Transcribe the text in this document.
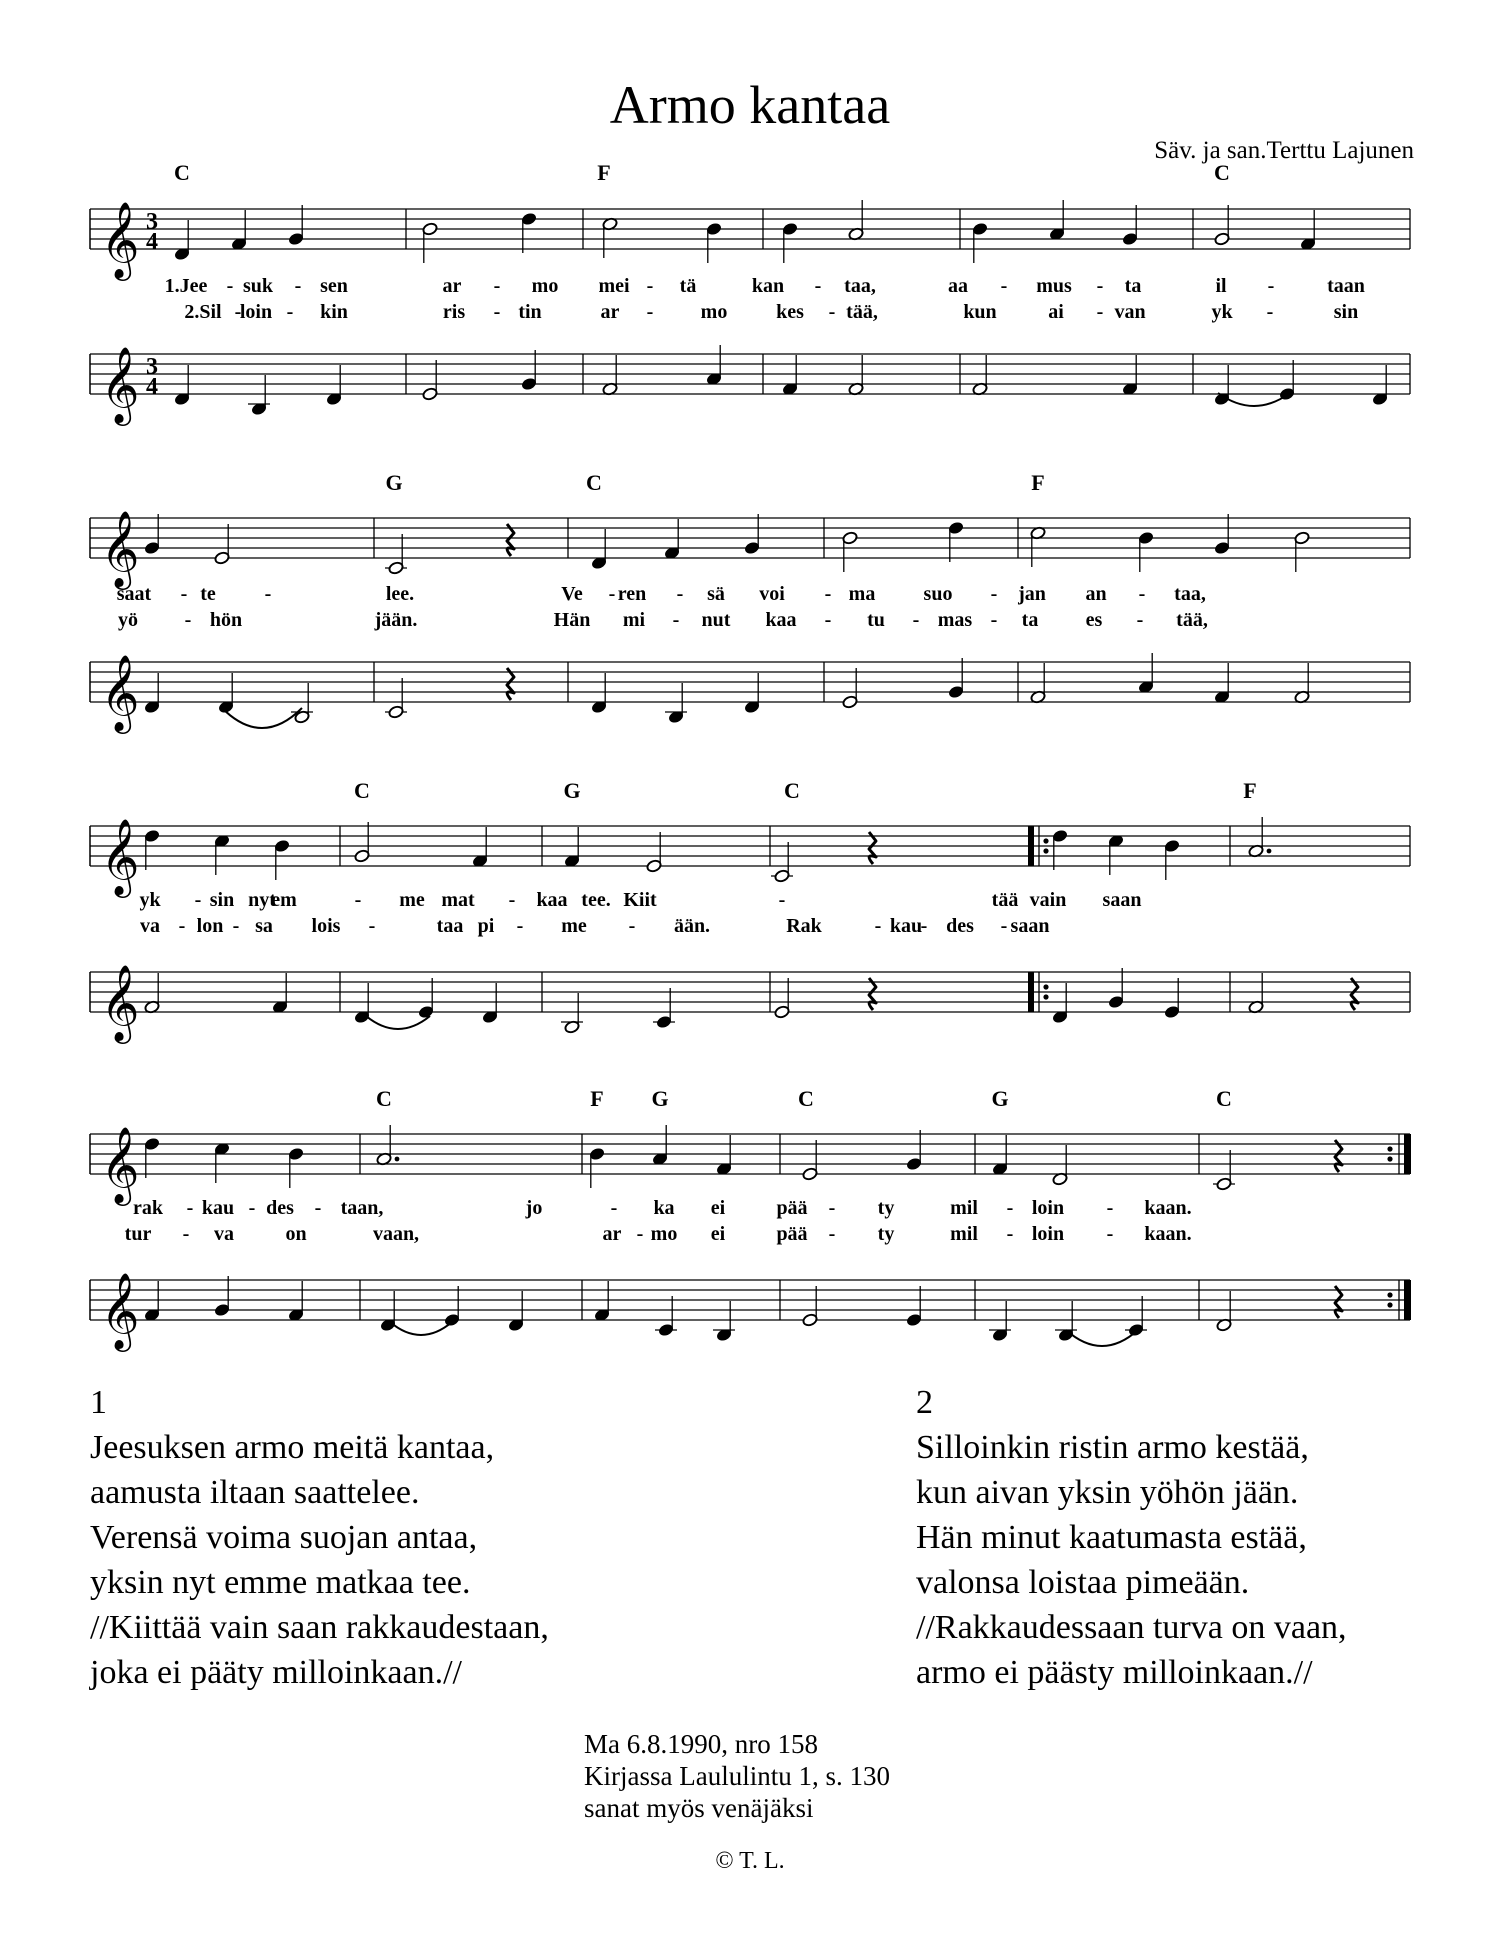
Armo kantaa
Säv. ja san.Terttu Lajunen
𝄞 3
4
𝄞 3
4
C	F	C
1.Jee - suk - sen	ar - mo mei - tä	kan - taa,	aa - mus - ta	il -	taan
2.Sil -
loin - kin	ris - tin	ar - mo kes - tää,	kun	ai - van	yk -	sin
𝄞
𝄞
G	C	F
saat - te -	lee.	Ve - ren - sä voi - ma suo - jan an - taa,
yö - hön	jään.	Hän mi - nut kaa - tu - mas - ta es - tää,
𝄞
𝄞
C	G	C	F
yk - sin nyt
em	- me mat - kaa tee. Kiit	-	tää vain saan
va - lon - sa lois -	taa pi - me - ään.	Rak	- kau
- des - saan
𝄞
𝄞
C	F G	C	G	C
rak - kau - des - taan,	jo	- ka ei	pää - ty	mil - loin - kaan.
tur - va	on	vaan,	ar - mo ei	pää - ty	mil - loin - kaan.
1
Jeesuksen armo meitä kantaa,
aamusta iltaan saattelee.
Verensä voima suojan antaa,
yksin nyt emme matkaa tee.
//Kiittää vain saan rakkaudestaan,
joka ei pääty milloinkaan.//
2
Silloinkin ristin armo kestää,
kun aivan yksin yöhön jään.
Hän minut kaatumasta estää,
valonsa loistaa pimeään.
//Rakkaudessaan turva on vaan,
armo ei päästy milloinkaan.//
Ma 6.8.1990, nro 158
Kirjassa Laululintu 1, s. 130
sanat myös venäjäksi
© T. L.
